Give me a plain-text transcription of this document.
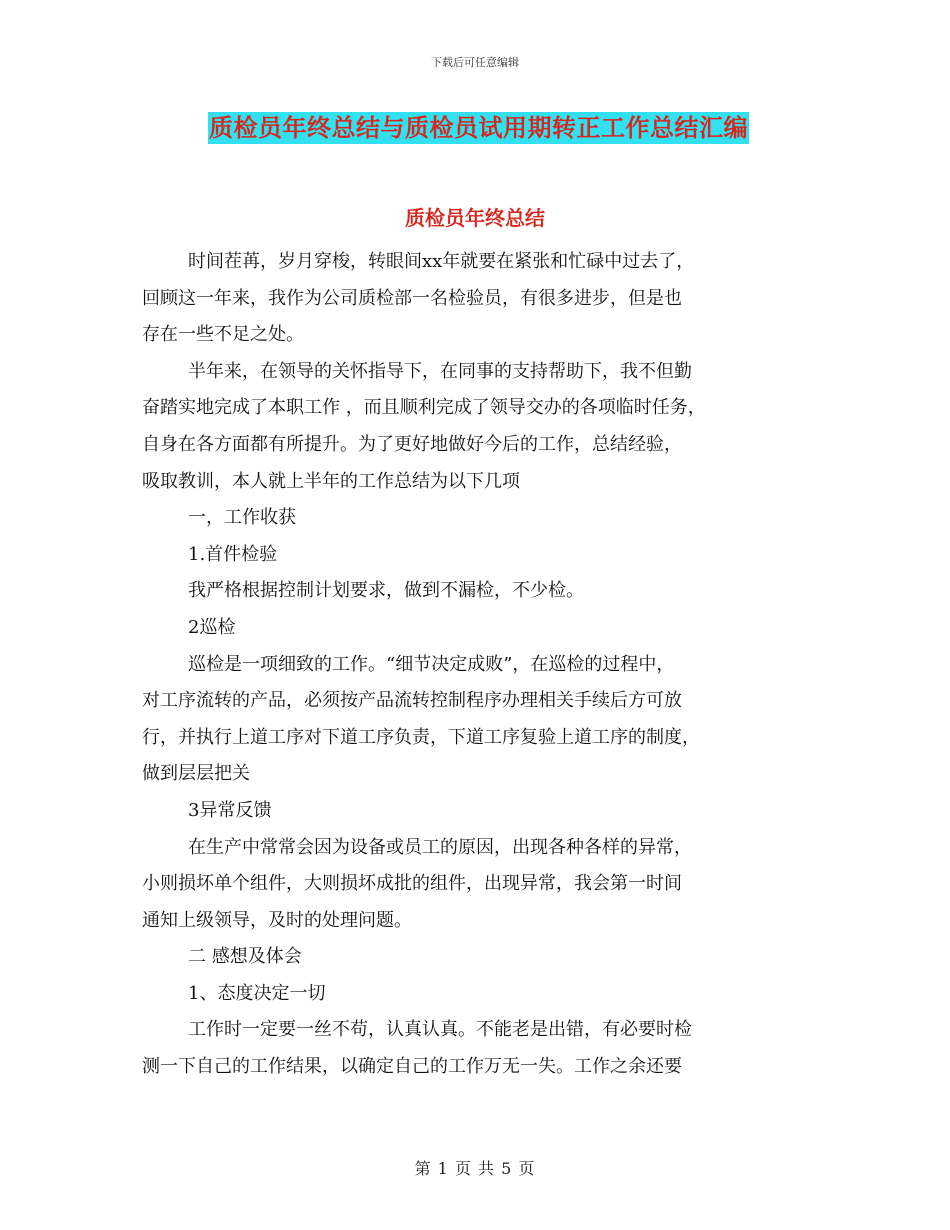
下载后可任意编辑
质检员年终总结与质检员试用期转正工作总结汇编
质检员年终总结
时间茬苒，岁月穿梭，转眼间xx年就要在紧张和忙碌中过去了，
回顾这一年来，我作为公司质检部一名检验员，有很多进步，但是也
存在一些不足之处。
半年来，在领导的关怀指导下，在同事的支持帮助下，我不但勤
奋踏实地完成了本职工作 ，而且顺利完成了领导交办的各项临时任务，
自身在各方面都有所提升。为了更好地做好今后的工作，总结经验，
吸取教训，本人就上半年的工作总结为以下几项
一，工作收获
1.首件检验
我严格根据控制计划要求，做到不漏检，不少检。
2巡检
巡检是一项细致的工作。“细节决定成败”，在巡检的过程中，
对工序流转的产品，必须按产品流转控制程序办理相关手续后方可放
行，并执行上道工序对下道工序负责，下道工序复验上道工序的制度，
做到层层把关
3异常反馈
在生产中常常会因为设备或员工的原因，出现各种各样的异常，
小则损坏单个组件，大则损坏成批的组件，出现异常，我会第一时间
通知上级领导，及时的处理问题。
二 感想及体会
1、态度决定一切
工作时一定要一丝不苟，认真认真。不能老是出错，有必要时检
测一下自己的工作结果，以确定自己的工作万无一失。工作之余还要
第 1 页 共 5 页
